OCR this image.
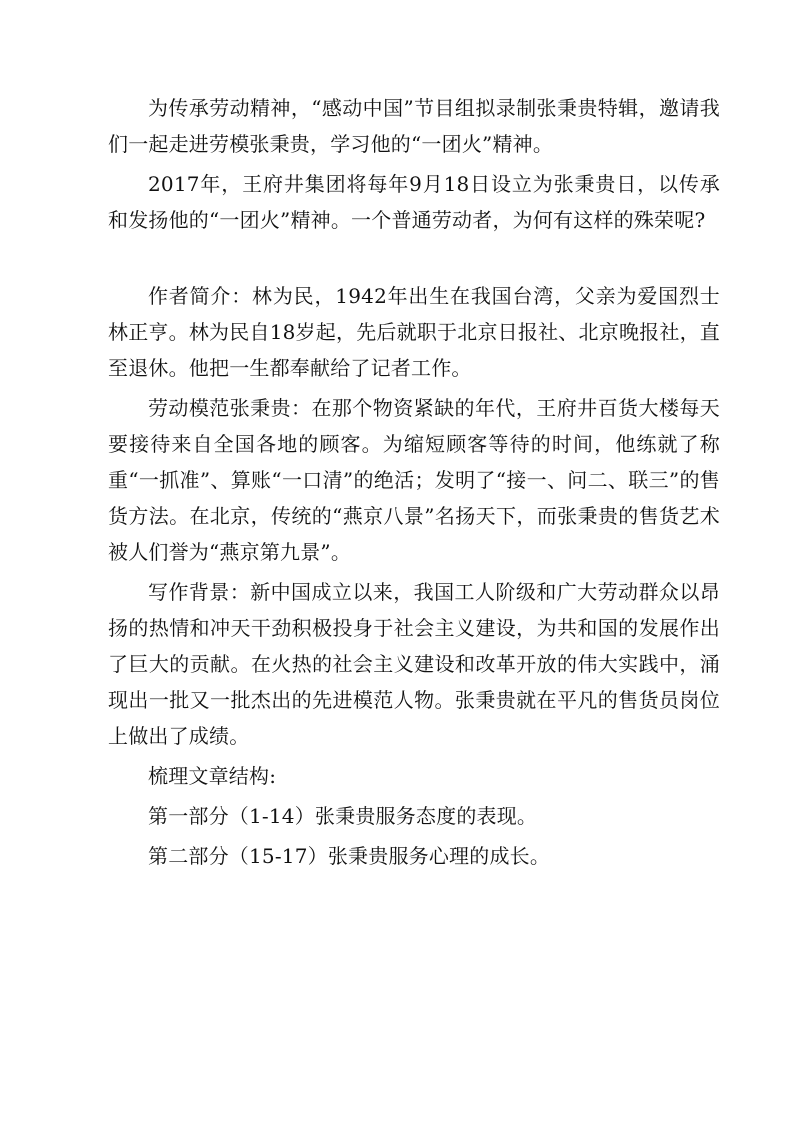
为传承劳动精神，“感动中国”节目组拟录制张秉贵特辑，邀请我们一起走进劳模张秉贵，学习他的“一团火”精神。

2017年，王府井集团将每年9月18日设立为张秉贵日，以传承和发扬他的“一团火”精神。一个普通劳动者，为何有这样的殊荣呢?

作者简介：林为民，1942年出生在我国台湾，父亲为爱国烈士林正亨。林为民自18岁起，先后就职于北京日报社、北京晚报社，直至退休。他把一生都奉献给了记者工作。

劳动模范张秉贵：在那个物资紧缺的年代，王府井百货大楼每天要接待来自全国各地的顾客。为缩短顾客等待的时间，他练就了称重“一抓准”、算账“一口清”的绝活；发明了“接一、问二、联三”的售货方法。在北京，传统的“燕京八景”名扬天下，而张秉贵的售货艺术被人们誉为“燕京第九景”。

写作背景：新中国成立以来，我国工人阶级和广大劳动群众以昂扬的热情和冲天干劲积极投身于社会主义建设，为共和国的发展作出了巨大的贡献。在火热的社会主义建设和改革开放的伟大实践中，涌现出一批又一批杰出的先进模范人物。张秉贵就在平凡的售货员岗位上做出了成绩。

梳理文章结构:

第一部分（1-14）张秉贵服务态度的表现。

第二部分（15-17）张秉贵服务心理的成长。
